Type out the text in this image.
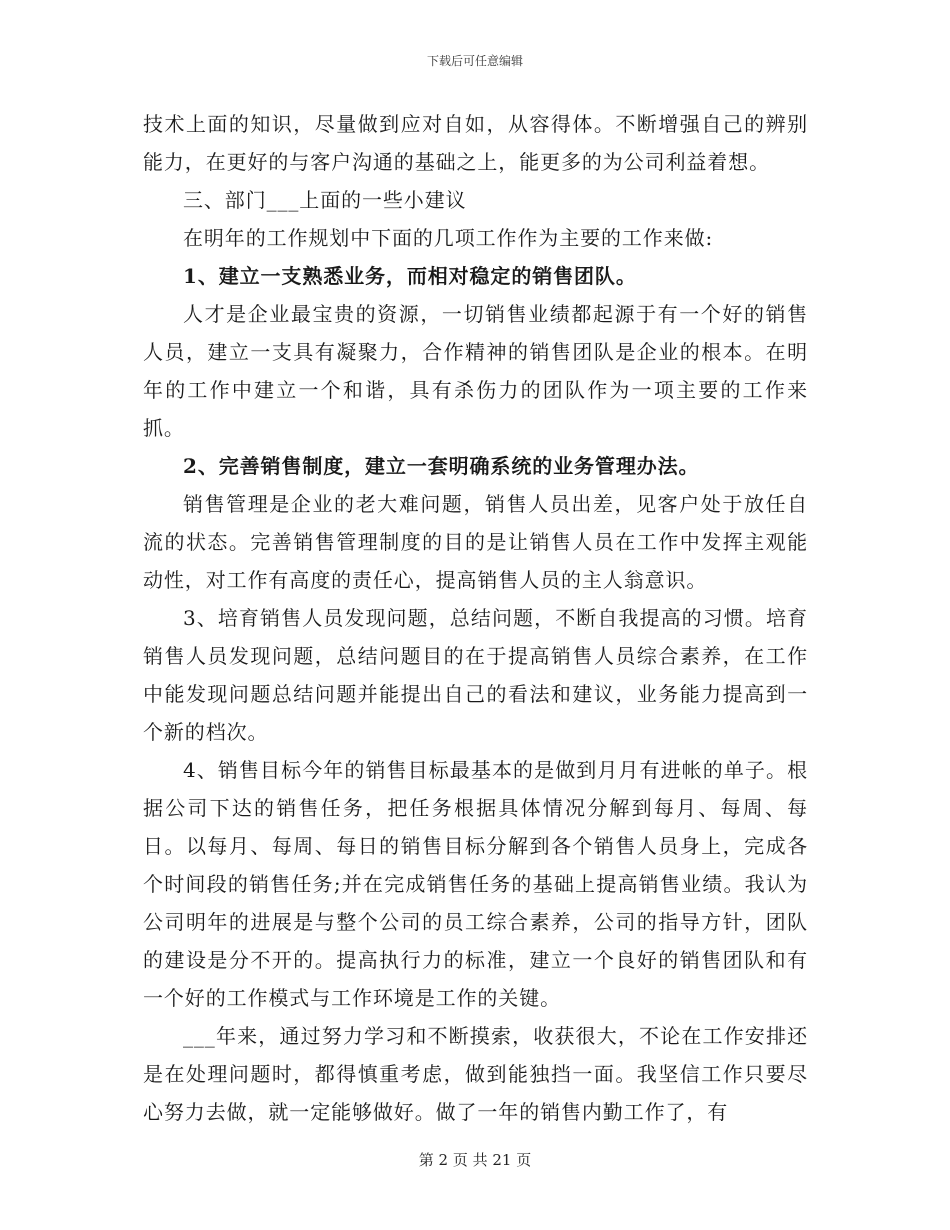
下载后可任意编辑

技术上面的知识，尽量做到应对自如，从容得体。不断增强自己的辨别能力，在更好的与客户沟通的基础之上，能更多的为公司利益着想。

三、部门___上面的一些小建议

在明年的工作规划中下面的几项工作作为主要的工作来做:

1、建立一支熟悉业务，而相对稳定的销售团队。

人才是企业最宝贵的资源，一切销售业绩都起源于有一个好的销售人员，建立一支具有凝聚力，合作精神的销售团队是企业的根本。在明年的工作中建立一个和谐，具有杀伤力的团队作为一项主要的工作来抓。

2、完善销售制度，建立一套明确系统的业务管理办法。

销售管理是企业的老大难问题，销售人员出差，见客户处于放任自流的状态。完善销售管理制度的目的是让销售人员在工作中发挥主观能动性，对工作有高度的责任心，提高销售人员的主人翁意识。

3、培育销售人员发现问题，总结问题，不断自我提高的习惯。培育销售人员发现问题，总结问题目的在于提高销售人员综合素养，在工作中能发现问题总结问题并能提出自己的看法和建议，业务能力提高到一个新的档次。

4、销售目标今年的销售目标最基本的是做到月月有进帐的单子。根据公司下达的销售任务，把任务根据具体情况分解到每月、每周、每日。以每月、每周、每日的销售目标分解到各个销售人员身上，完成各个时间段的销售任务;并在完成销售任务的基础上提高销售业绩。我认为公司明年的进展是与整个公司的员工综合素养，公司的指导方针，团队的建设是分不开的。提高执行力的标准，建立一个良好的销售团队和有一个好的工作模式与工作环境是工作的关键。

___年来，通过努力学习和不断摸索，收获很大，不论在工作安排还是在处理问题时，都得慎重考虑，做到能独挡一面。我坚信工作只要尽心努力去做，就一定能够做好。做了一年的销售内勤工作了，有

第 2 页 共 21 页
